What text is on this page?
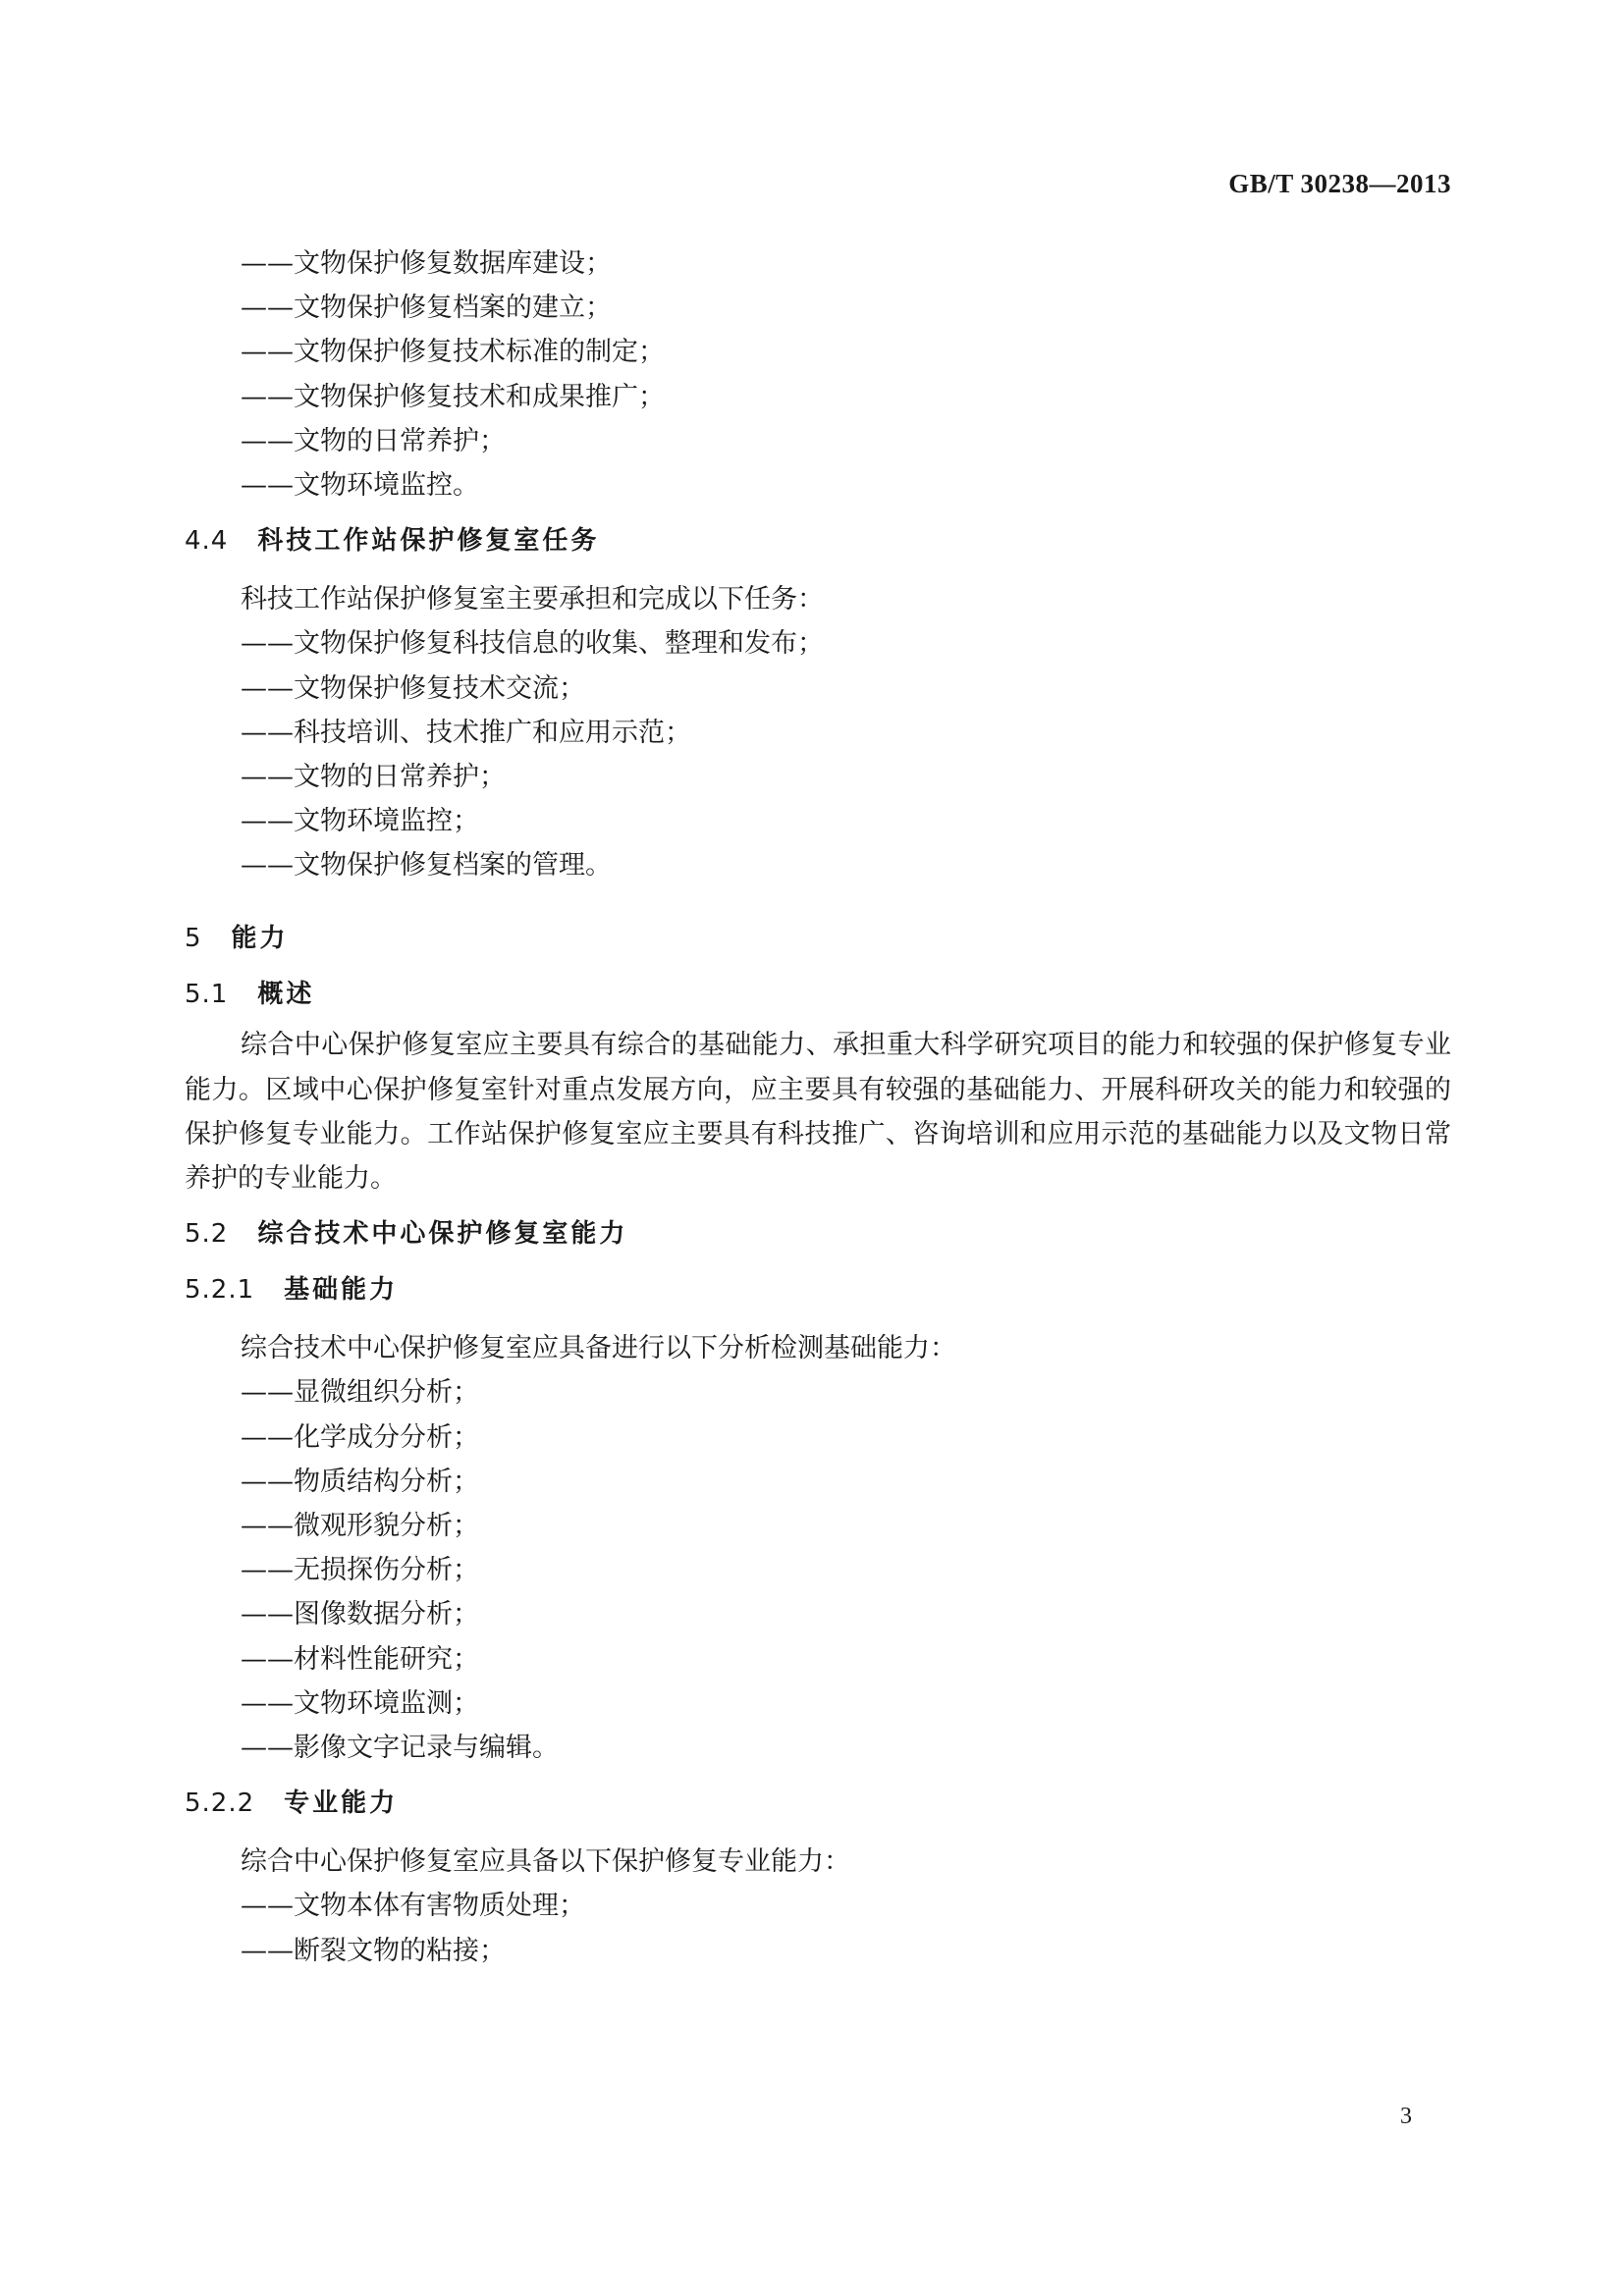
GB/T 30238—2013
——文物保护修复数据库建设；
——文物保护修复档案的建立；
——文物保护修复技术标准的制定；
——文物保护修复技术和成果推广；
——文物的日常养护；
——文物环境监控。
4.4 科技工作站保护修复室任务
科技工作站保护修复室主要承担和完成以下任务：
——文物保护修复科技信息的收集、整理和发布；
——文物保护修复技术交流；
——科技培训、技术推广和应用示范；
——文物的日常养护；
——文物环境监控；
——文物保护修复档案的管理。
5 能力
5.1 概述

综合中心保护修复室应主要具有综合的基础能力、承担重大科学研究项目的能力和较强的保护修复专业能力。区域中心保护修复室针对重点发展方向，应主要具有较强的基础能力、开展科研攻关的能力和较强的保护修复专业能力。工作站保护修复室应主要具有科技推广、咨询培训和应用示范的基础能力以及文物日常养护的专业能力。

5.2 综合技术中心保护修复室能力
5.2.1 基础能力
综合技术中心保护修复室应具备进行以下分析检测基础能力：
——显微组织分析；
——化学成分分析；
——物质结构分析；
——微观形貌分析；
——无损探伤分析；
——图像数据分析；
——材料性能研究；
——文物环境监测；
——影像文字记录与编辑。
5.2.2 专业能力
综合中心保护修复室应具备以下保护修复专业能力：
——文物本体有害物质处理；
——断裂文物的粘接；
3
